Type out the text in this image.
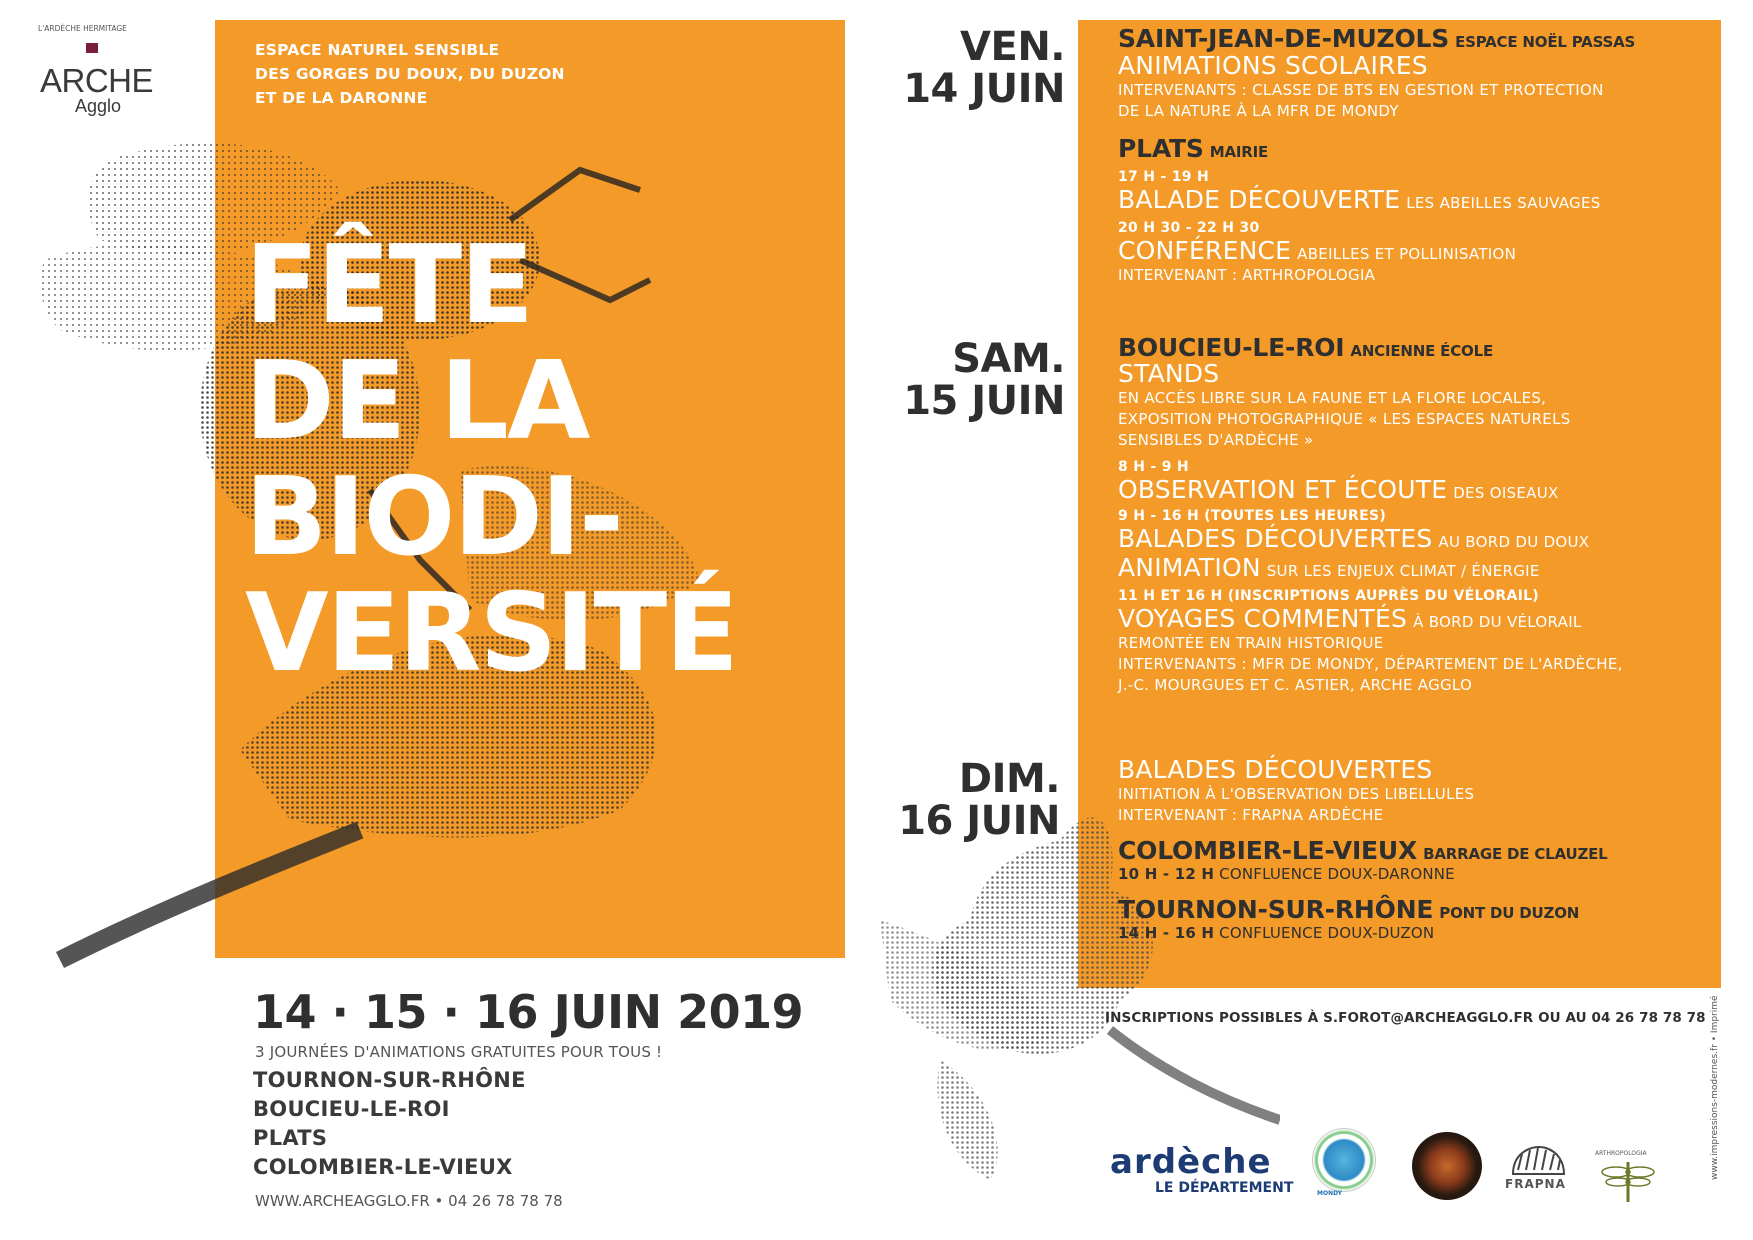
L'ARDÈCHE HERMITAGE
ARCHE
Agglo
ESPACE NATUREL SENSIBLE
DES GORGES DU DOUX, DU DUZON
ET DE LA DARONNE
FÊTE
DE LA
BIODI-
VERSITÉ
14 · 15 · 16 JUIN 2019
3 JOURNÉES D'ANIMATIONS GRATUITES POUR TOUS !
TOURNON-SUR-RHÔNE
BOUCIEU-LE-ROI
PLATS
COLOMBIER-LE-VIEUX
WWW.ARCHEAGGLO.FR • 04 26 78 78 78
VEN.
14 JUIN
SAM.
15 JUIN
DIM.
16 JUIN
SAINT-JEAN-DE-MUZOLS ESPACE NOËL PASSAS
ANIMATIONS SCOLAIRES
INTERVENANTS : CLASSE DE BTS EN GESTION ET PROTECTION
DE LA NATURE À LA MFR DE MONDY
PLATS MAIRIE
17 H - 19 H
BALADE DÉCOUVERTE LES ABEILLES SAUVAGES
20 H 30 - 22 H 30
CONFÉRENCE ABEILLES ET POLLINISATION
INTERVENANT : ARTHROPOLOGIA
BOUCIEU-LE-ROI ANCIENNE ÉCOLE
STANDS
EN ACCÈS LIBRE SUR LA FAUNE ET LA FLORE LOCALES,
EXPOSITION PHOTOGRAPHIQUE « LES ESPACES NATURELS
SENSIBLES D'ARDÈCHE »
8 H - 9 H
OBSERVATION ET ÉCOUTE DES OISEAUX
9 H - 16 H (TOUTES LES HEURES)
BALADES DÉCOUVERTES AU BORD DU DOUX
ANIMATION SUR LES ENJEUX CLIMAT / ÉNERGIE
11 H ET 16 H (INSCRIPTIONS AUPRÈS DU VÉLORAIL)
VOYAGES COMMENTÉS À BORD DU VÉLORAIL
REMONTÉE EN TRAIN HISTORIQUE
INTERVENANTS : MFR DE MONDY, DÉPARTEMENT DE L'ARDÈCHE,
J.-C. MOURGUES ET C. ASTIER, ARCHE AGGLO
BALADES DÉCOUVERTES
INITIATION À L'OBSERVATION DES LIBELLULES
INTERVENANT : FRAPNA ARDÈCHE
COLOMBIER-LE-VIEUX BARRAGE DE CLAUZEL
10 H - 12 H CONFLUENCE DOUX-DARONNE
TOURNON-SUR-RHÔNE PONT DU DUZON
14 H - 16 H CONFLUENCE DOUX-DUZON
INSCRIPTIONS POSSIBLES À S.FOROT@ARCHEAGGLO.FR OU AU 04 26 78 78 78 www.impressions-modernes.fr • Imprimé
ardèche
LE DÉPARTEMENT	MONDY
FRAPNA
ARTHROPOLOGIA
